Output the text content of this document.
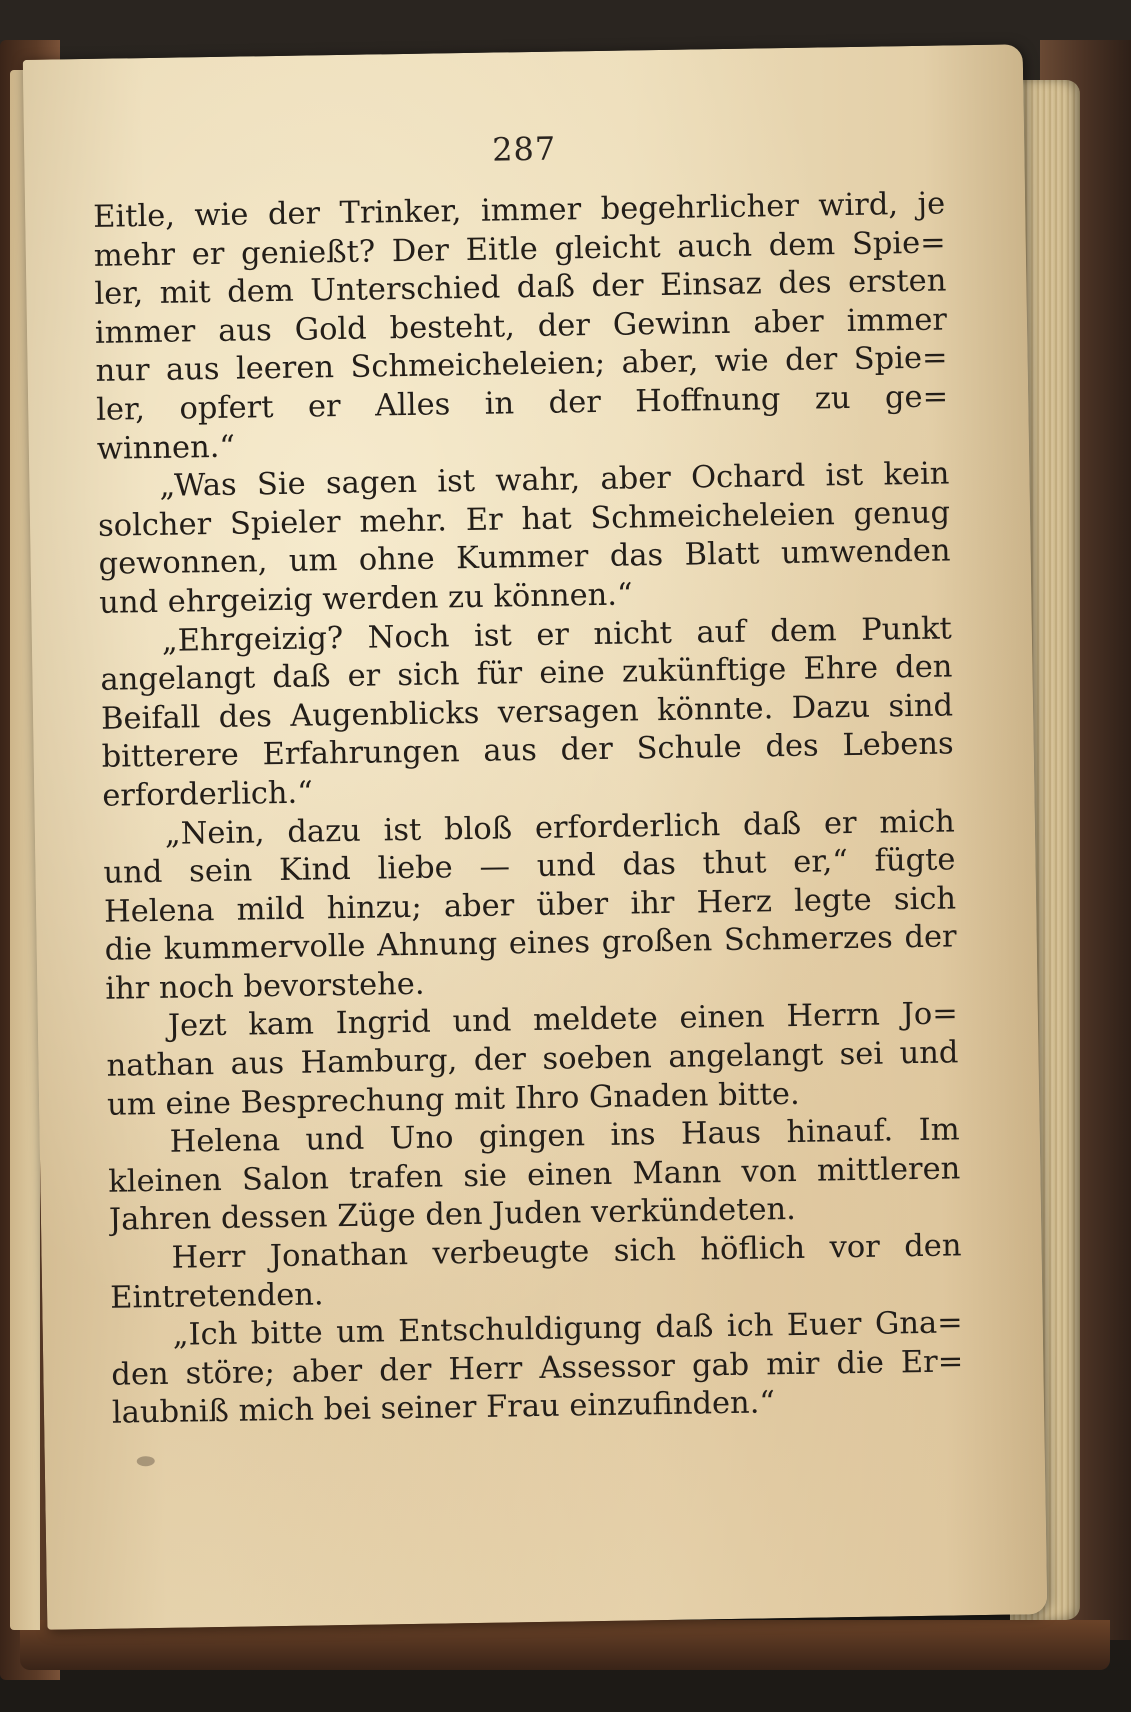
287
Eitle, wie der Trinker, immer begehrlicher wird, je
mehr er genießt? Der Eitle gleicht auch dem Spie=
ler, mit dem Unterschied daß der Einsaz des ersten
immer aus Gold besteht, der Gewinn aber immer
nur aus leeren Schmeicheleien; aber, wie der Spie=
ler, opfert er Alles in der Hoffnung zu ge=
winnen.“
„Was Sie sagen ist wahr, aber Ochard ist kein
solcher Spieler mehr. Er hat Schmeicheleien genug
gewonnen, um ohne Kummer das Blatt umwenden
und ehrgeizig werden zu können.“
„Ehrgeizig? Noch ist er nicht auf dem Punkt
angelangt daß er sich für eine zukünftige Ehre den
Beifall des Augenblicks versagen könnte. Dazu sind
bitterere Erfahrungen aus der Schule des Lebens
erforderlich.“
„Nein, dazu ist bloß erforderlich daß er mich
und sein Kind liebe — und das thut er,“ fügte
Helena mild hinzu; aber über ihr Herz legte sich
die kummervolle Ahnung eines großen Schmerzes der
ihr noch bevorstehe.
Jezt kam Ingrid und meldete einen Herrn Jo=
nathan aus Hamburg, der soeben angelangt sei und
um eine Besprechung mit Ihro Gnaden bitte.
Helena und Uno gingen ins Haus hinauf. Im
kleinen Salon trafen sie einen Mann von mittleren
Jahren dessen Züge den Juden verkündeten.
Herr Jonathan verbeugte sich höflich vor den
Eintretenden.
„Ich bitte um Entschuldigung daß ich Euer Gna=
den störe; aber der Herr Assessor gab mir die Er=
laubniß mich bei seiner Frau einzufinden.“
